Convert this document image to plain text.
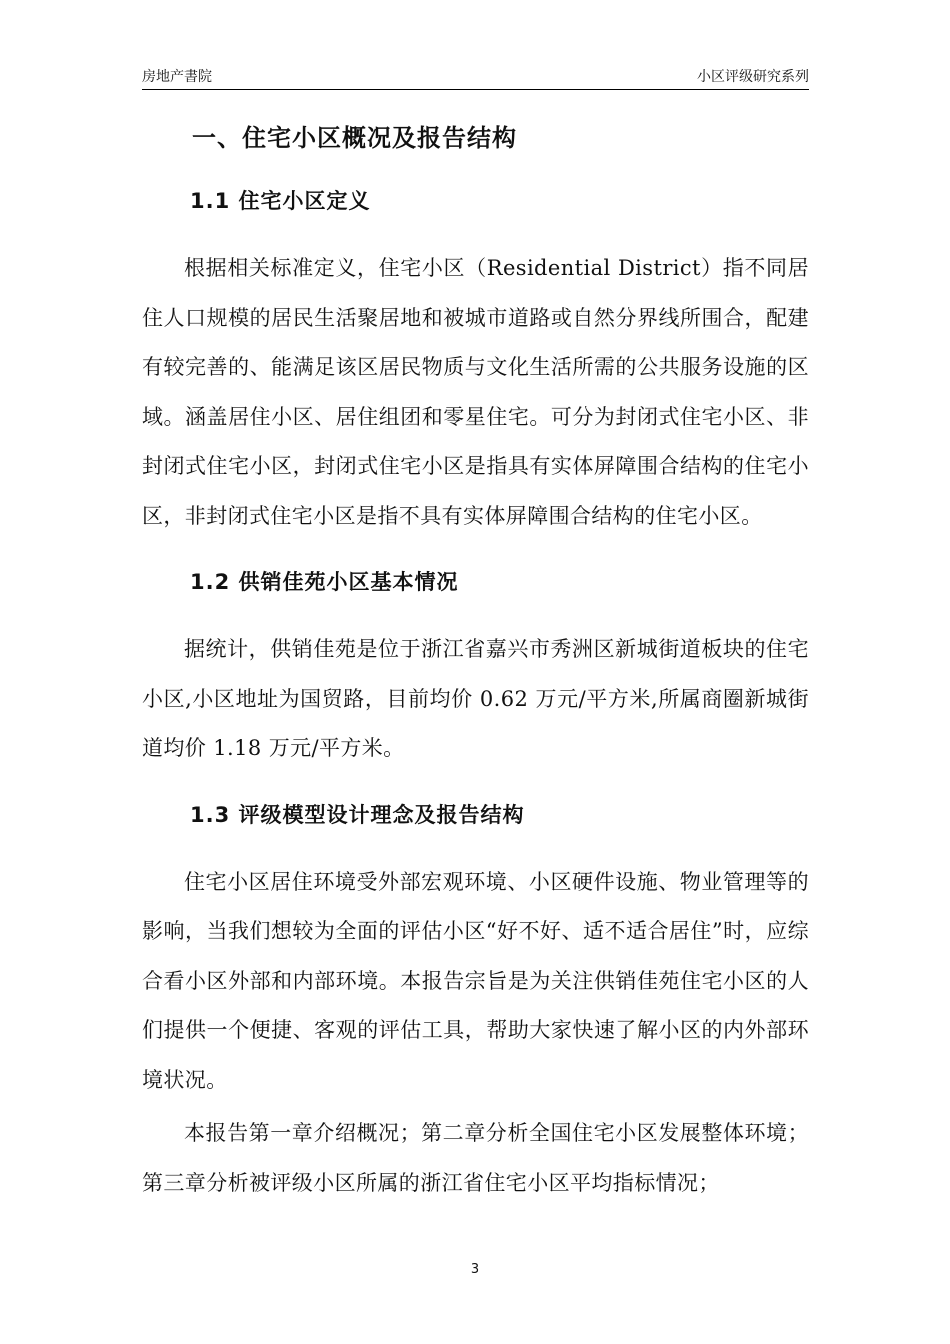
房地产書院	小区评级研究系列
一、住宅小区概况及报告结构
1.1 住宅小区定义

根据相关标准定义，住宅小区（Residential District）指不同居住人口规模的居民生活聚居地和被城市道路或自然分界线所围合，配建有较完善的、能满足该区居民物质与文化生活所需的公共服务设施的区域。涵盖居住小区、居住组团和零星住宅。可分为封闭式住宅小区、非封闭式住宅小区，封闭式住宅小区是指具有实体屏障围合结构的住宅小区，非封闭式住宅小区是指不具有实体屏障围合结构的住宅小区。

1.2 供销佳苑小区基本情况

据统计，供销佳苑是位于浙江省嘉兴市秀洲区新城街道板块的住宅小区,小区地址为国贸路，目前均价 0.62 万元/平方米,所属商圈新城街道均价 1.18 万元/平方米。

1.3 评级模型设计理念及报告结构

住宅小区居住环境受外部宏观环境、小区硬件设施、物业管理等的影响，当我们想较为全面的评估小区“好不好、适不适合居住”时，应综合看小区外部和内部环境。本报告宗旨是为关注供销佳苑住宅小区的人们提供一个便捷、客观的评估工具，帮助大家快速了解小区的内外部环境状况。

本报告第一章介绍概况；第二章分析全国住宅小区发展整体环境；第三章分析被评级小区所属的浙江省住宅小区平均指标情况；

3
